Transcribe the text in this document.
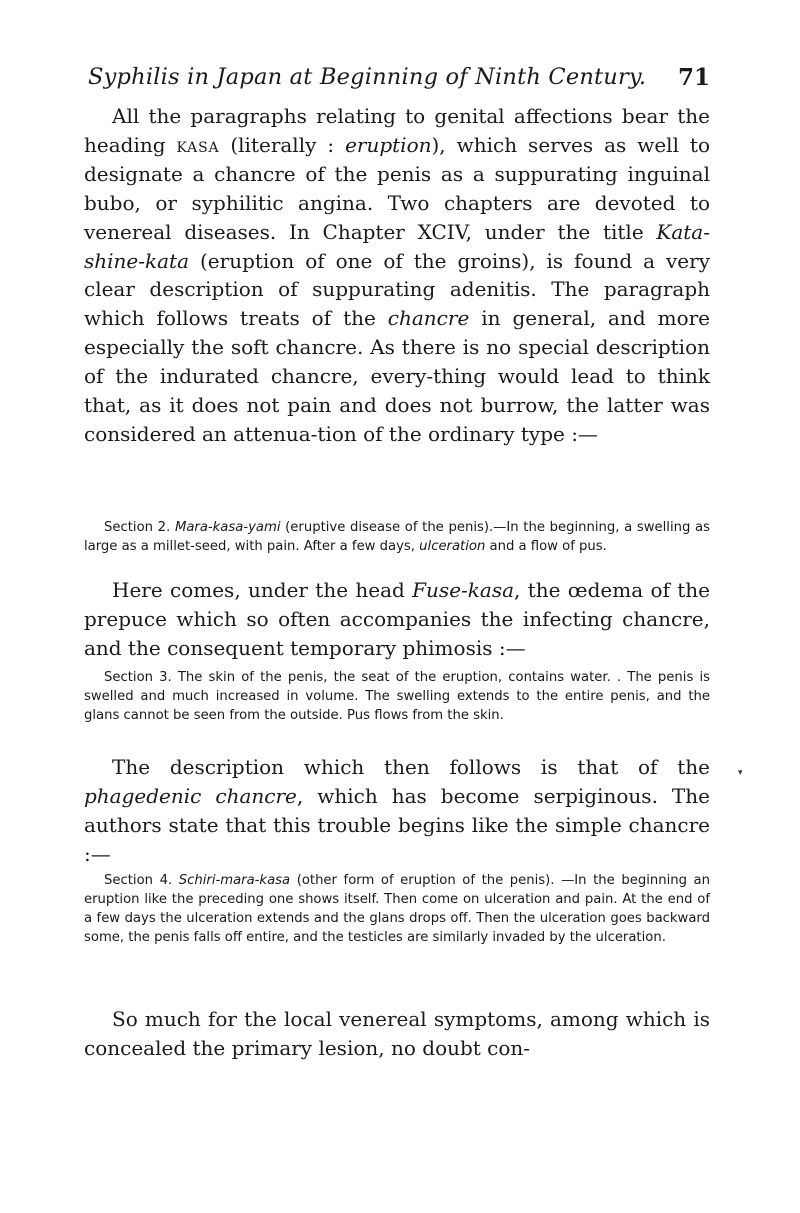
Syphilis in Japan at Beginning of Ninth Century. 71
All the paragraphs relating to genital affections bear the heading kasa (literally : eruption), which serves as well to designate a chancre of the penis as a suppurating inguinal bubo, or syphilitic angina. Two chapters are devoted to venereal diseases. In Chapter XCIV, under the title Kata-shine-kata (eruption of one of the groins), is found a very clear description of suppurating adenitis. The paragraph which follows treats of the chancre in general, and more especially the soft chancre. As there is no special description of the indurated chancre, every-thing would lead to think that, as it does not pain and does not burrow, the latter was considered an attenua-tion of the ordinary type :—
Section 2. Mara-kasa-yami (eruptive disease of the penis).—In the beginning, a swelling as large as a millet-seed, with pain. After a few days, ulceration and a flow of pus.
Here comes, under the head Fuse-kasa, the œdema of the prepuce which so often accompanies the infecting chancre, and the consequent temporary phimosis :—
Section 3. The skin of the penis, the seat of the eruption, contains water. . The penis is swelled and much increased in volume. The swelling extends to the entire penis, and the glans cannot be seen from the outside. Pus flows from the skin.
▾
The description which then follows is that of the phagedenic chancre, which has become serpiginous. The authors state that this trouble begins like the simple chancre :—
Section 4. Schiri-mara-kasa (other form of eruption of the penis). —In the beginning an eruption like the preceding one shows itself. Then come on ulceration and pain. At the end of a few days the ulceration extends and the glans drops off. Then the ulceration goes backward some, the penis falls off entire, and the testicles are similarly invaded by the ulceration.
So much for the local venereal symptoms, among which is concealed the primary lesion, no doubt con-
